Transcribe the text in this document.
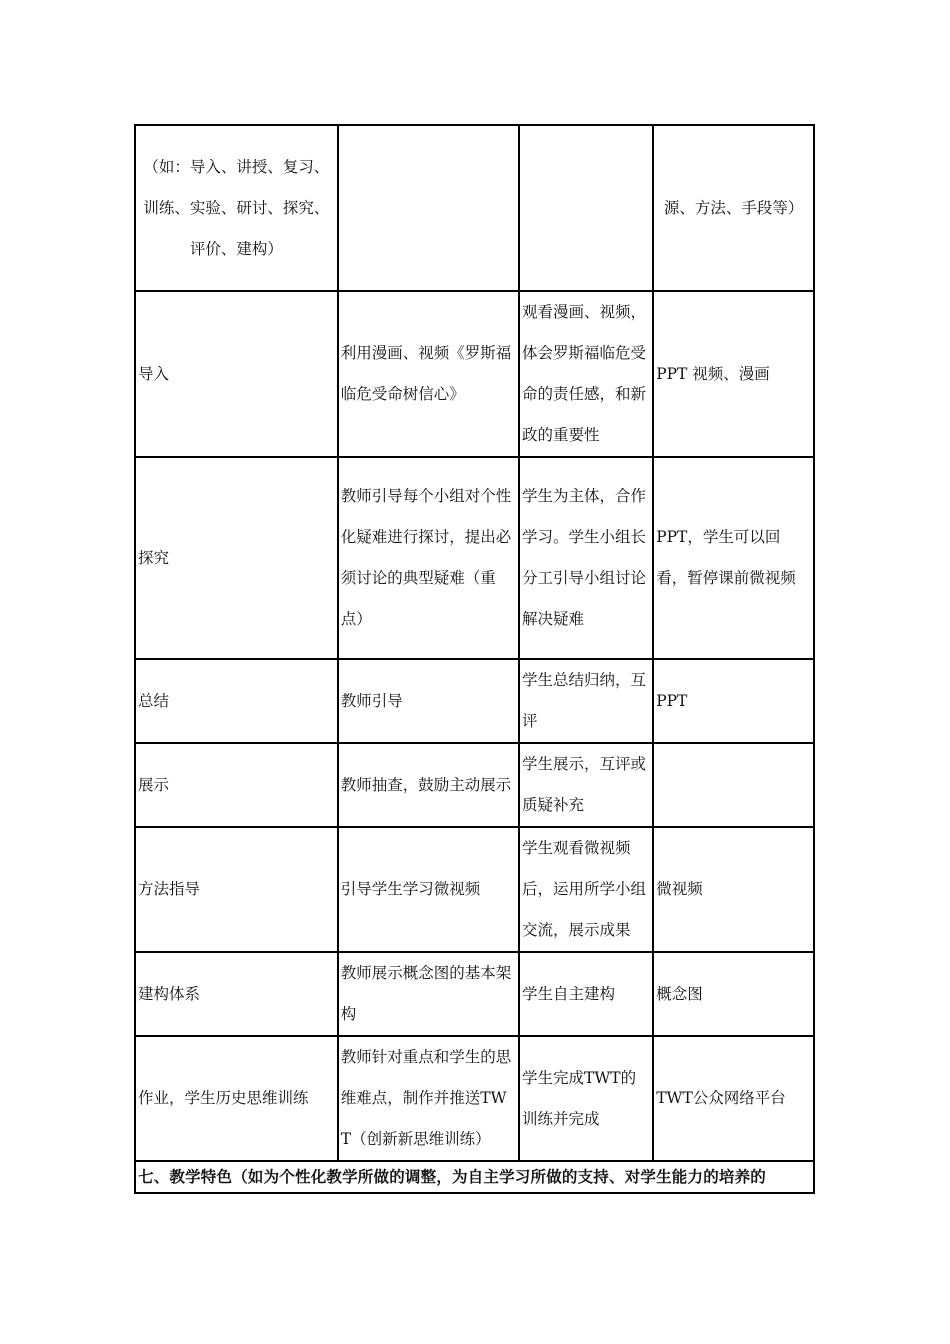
（如：导入、讲授、复习、训练、实验、研讨、探究、评价、建构）			源、方法、手段等）
导入	利用漫画、视频《罗斯福临危受命树信心》	观看漫画、视频，体会罗斯福临危受命的责任感，和新政的重要性	PPT 视频、漫画
探究	教师引导每个小组对个性化疑难进行探讨，提出必须讨论的典型疑难（重点）	学生为主体，合作学习。学生小组长分工引导小组讨论解决疑难	PPT，学生可以回看，暂停课前微视频
总结	教师引导	学生总结归纳，互评	PPT
展示	教师抽查，鼓励主动展示	学生展示，互评或质疑补充	
方法指导	引导学生学习微视频	学生观看微视频后，运用所学小组交流，展示成果	微视频
建构体系	教师展示概念图的基本架构	学生自主建构	概念图
作业，学生历史思维训练	教师针对重点和学生的思维难点，制作并推送TWT（创新新思维训练）	学生完成TWT的训练并完成	TWT公众网络平台
七、教学特色（如为个性化教学所做的调整，为自主学习所做的支持、对学生能力的培养的			
